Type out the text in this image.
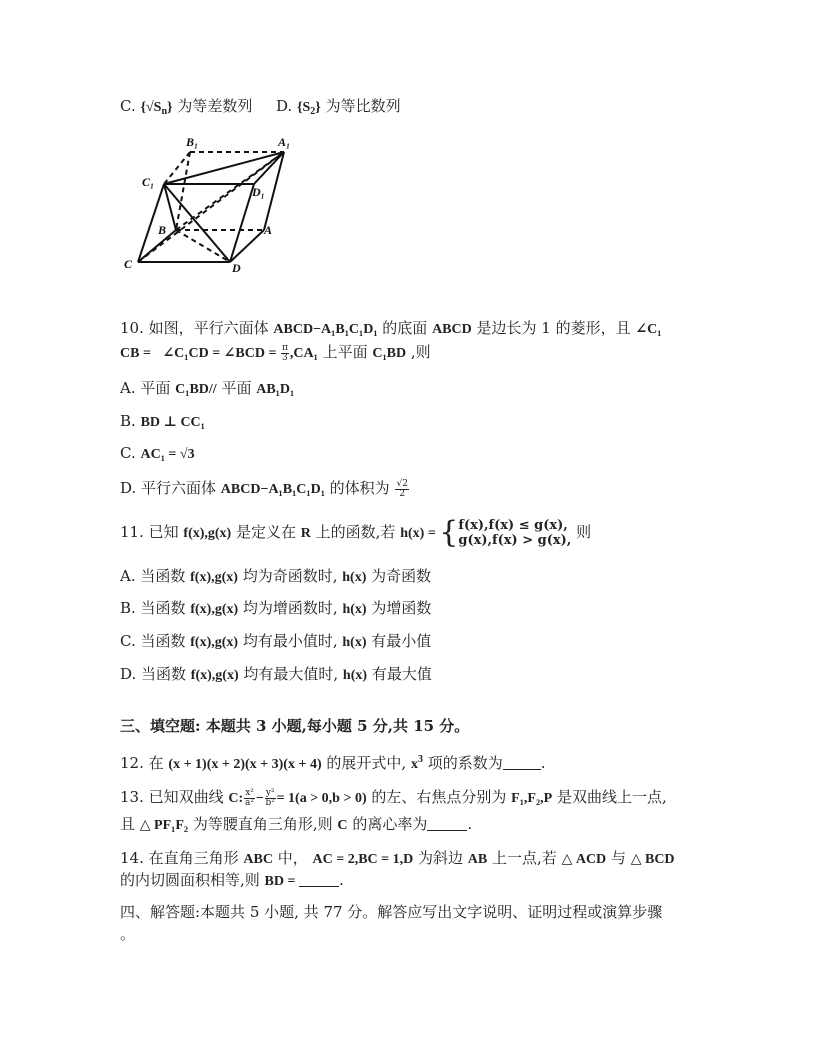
C. $\{√S_n\}$ 为等差数列 D. $\{S_2\}$ 为等比数列
B₁	A₁
C₁
D₁
B	A
C	D
10. 如图，平行六面体 ABCD−A₁B₁C₁D₁ 的底面 ABCD 是边长为 1 的菱形，且 ∠C₁
CB = ∠C₁CD = ∠BCD = $\frac{\pi}{3} ,CA_1$ 上平面 C₁BD ,则
A. 平面 C₁BD// 平面 AB₁D₁
B. BD ⊥ CC₁
C. AC₁ = √3
D. 平行六面体 ABCD−A₁B₁C₁D₁ 的体积为 $\frac{√2}{2}$
11. 已知 f(x),g(x) 是定义在 R 上的函数,若 h(x) = { f(x),f(x) ≤ g(x),
g(x),f(x) > g(x), 则
A. 当函数 f(x),g(x) 均为奇函数时, h(x) 为奇函数
B. 当函数 f(x),g(x) 均为增函数时, h(x) 为增函数
C. 当函数 f(x),g(x) 均有最小值时, h(x) 有最小值
D. 当函数 f(x),g(x) 均有最大值时, h(x) 有最大值
三、填空题: 本题共 3 小题,每小题 5 分,共 15 分。
12. 在 (x + 1)(x + 2)(x + 3)(x + 4) 的展开式中, $x^3$ 项的系数为	.
13. 已知双曲线 C: $\frac{\text{x²}}{\text{a²}} - \frac{\text{y²}}{\text{b²}} = 1(a > 0,b > 0)$ 的左、右焦点分别为 F₁,F₂,P 是双曲线上一点,
且 △ PF₁F₂ 为等腰直角三角形,则 C 的离心率为	.
14. 在直角三角形 ABC 中， AC = 2,BC = 1,D 为斜边 AB 上一点,若 △ ACD 与 △ BCD
的内切圆面积相等,则 BD =	.
四、解答题:本题共 5 小题, 共 77 分。解答应写出文字说明、证明过程或演算步骤
。
